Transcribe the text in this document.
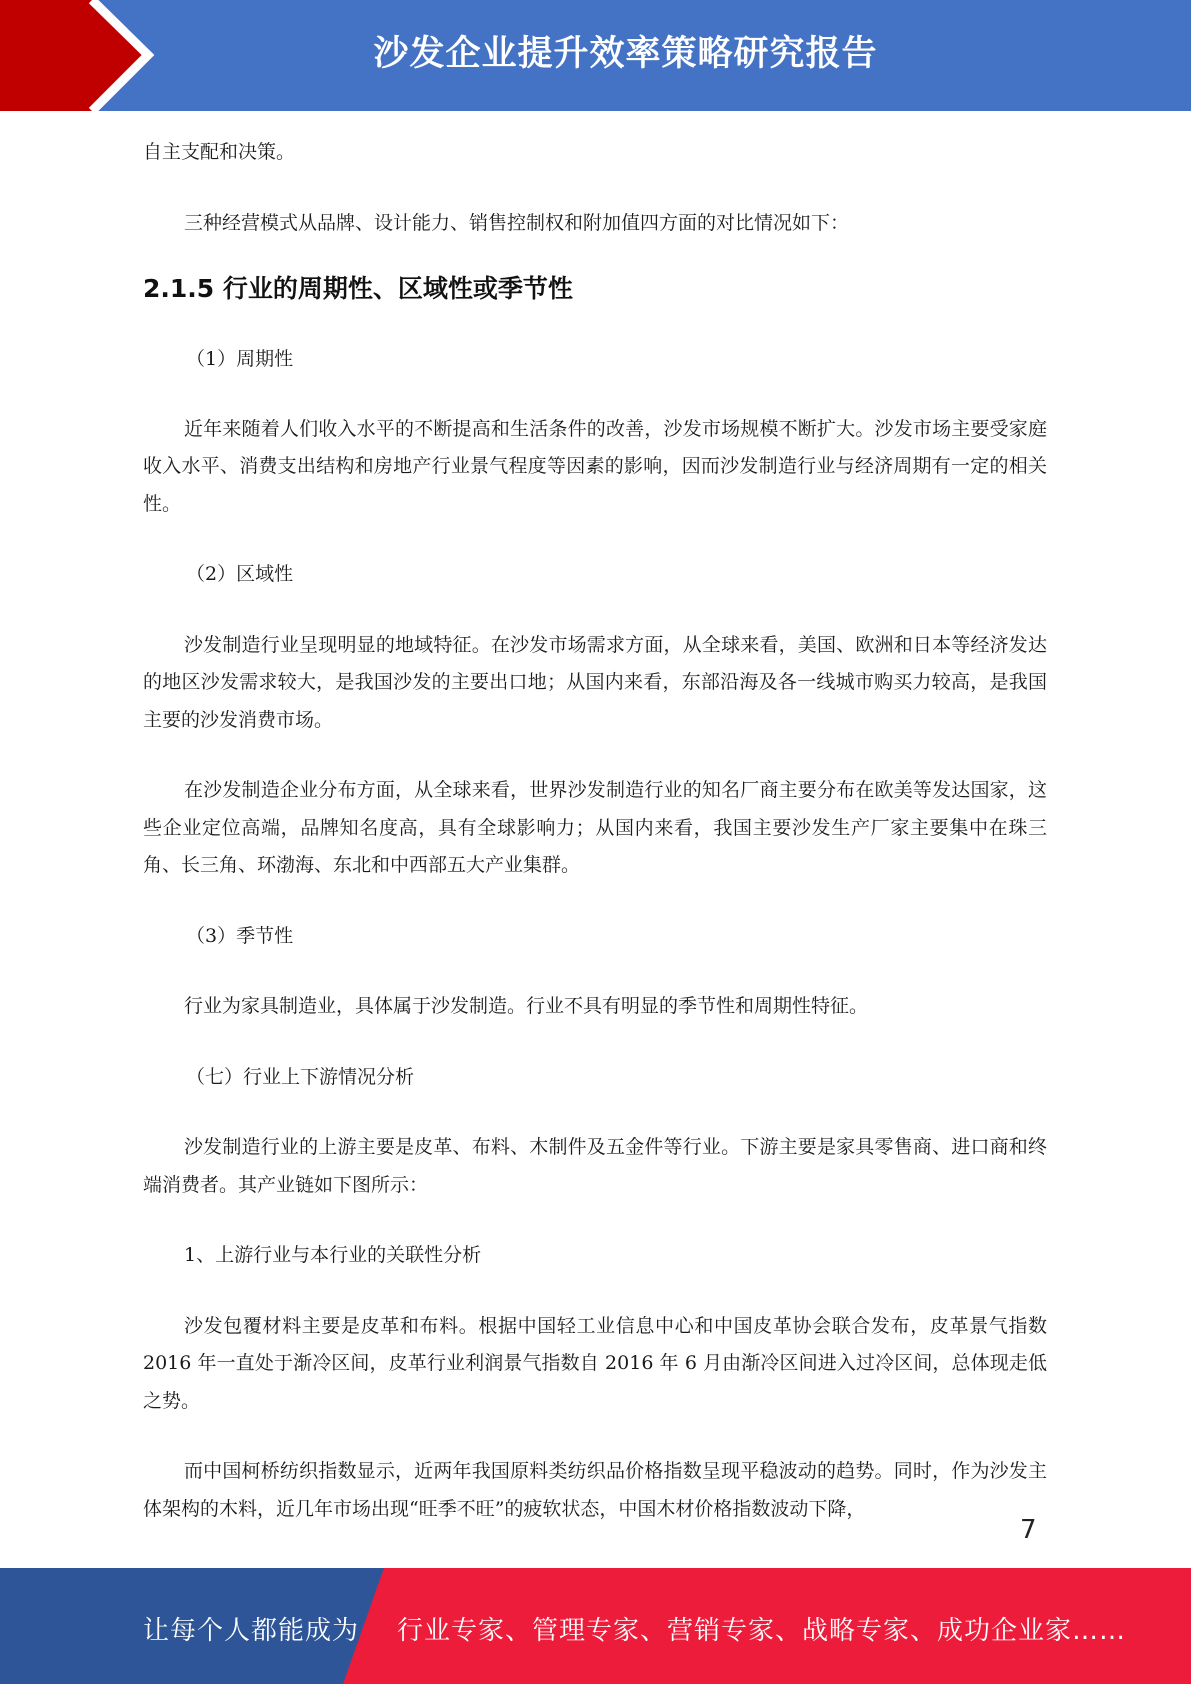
沙发企业提升效率策略研究报告

自主支配和决策。

三种经营模式从品牌、设计能力、销售控制权和附加值四方面的对比情况如下：

2.1.5 行业的周期性、区域性或季节性

（1）周期性

近年来随着人们收入水平的不断提高和生活条件的改善，沙发市场规模不断扩大。沙发市场主要受家庭收入水平、消费支出结构和房地产行业景气程度等因素的影响，因而沙发制造行业与经济周期有一定的相关性。

（2）区域性

沙发制造行业呈现明显的地域特征。在沙发市场需求方面，从全球来看，美国、欧洲和日本等经济发达的地区沙发需求较大，是我国沙发的主要出口地；从国内来看，东部沿海及各一线城市购买力较高，是我国主要的沙发消费市场。

在沙发制造企业分布方面，从全球来看，世界沙发制造行业的知名厂商主要分布在欧美等发达国家，这些企业定位高端，品牌知名度高，具有全球影响力；从国内来看，我国主要沙发生产厂家主要集中在珠三角、长三角、环渤海、东北和中西部五大产业集群。

（3）季节性

行业为家具制造业，具体属于沙发制造。行业不具有明显的季节性和周期性特征。

（七）行业上下游情况分析

沙发制造行业的上游主要是皮革、布料、木制件及五金件等行业。下游主要是家具零售商、进口商和终端消费者。其产业链如下图所示：

1、上游行业与本行业的关联性分析

沙发包覆材料主要是皮革和布料。根据中国轻工业信息中心和中国皮革协会联合发布，皮革景气指数 2016 年一直处于渐冷区间，皮革行业利润景气指数自 2016 年 6 月由渐冷区间进入过冷区间，总体现走低之势。

而中国柯桥纺织指数显示，近两年我国原料类纺织品价格指数呈现平稳波动的趋势。同时，作为沙发主体架构的木料，近几年市场出现“旺季不旺”的疲软状态，中国木材价格指数波动下降，

7
让每个人都能成为 行业专家、管理专家、营销专家、战略专家、成功企业家……
